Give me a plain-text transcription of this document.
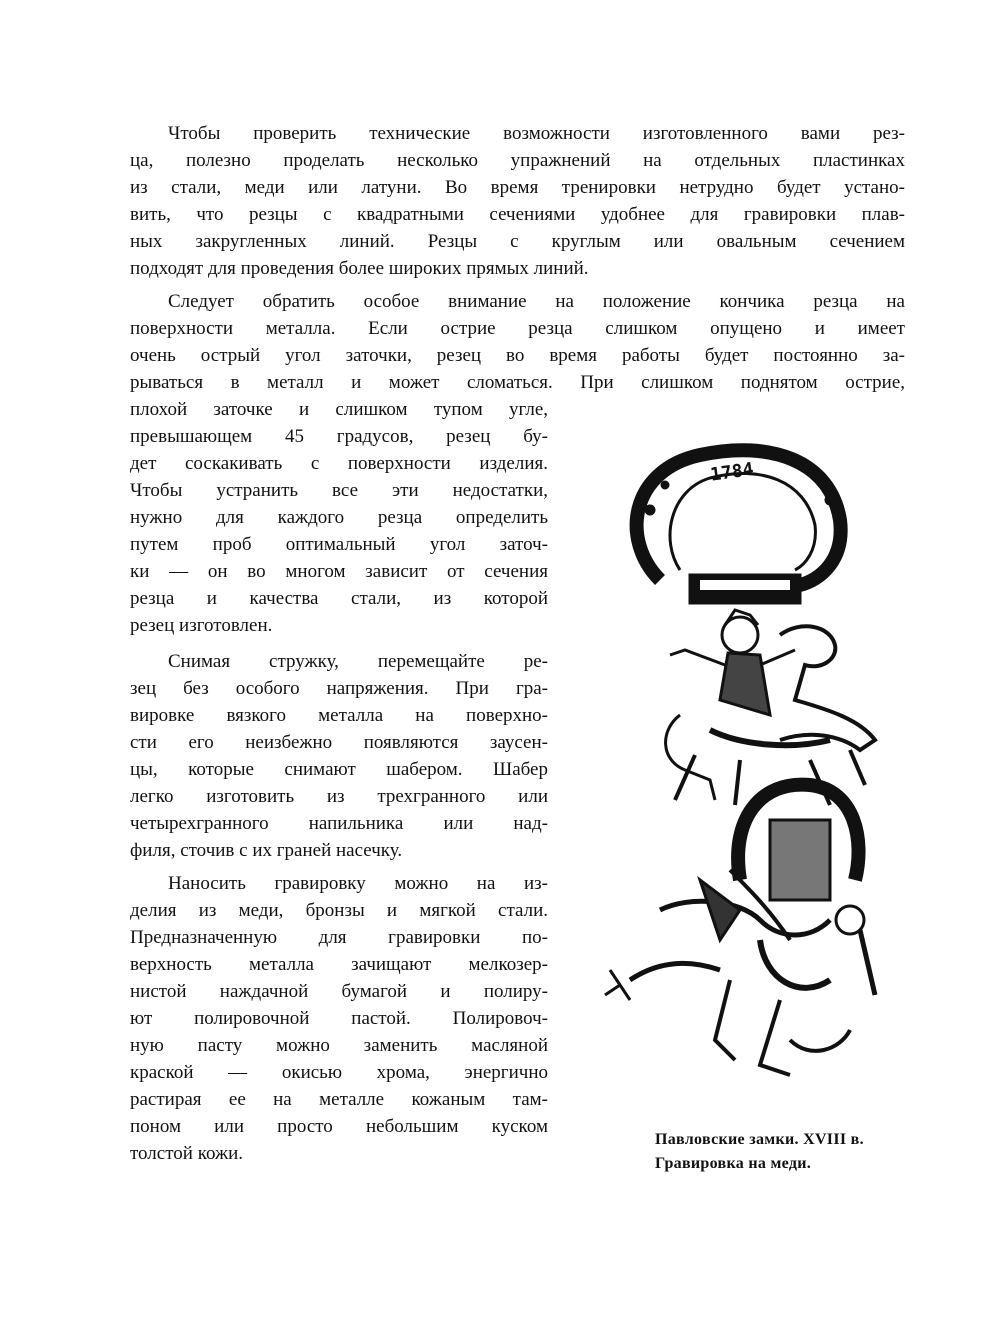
Чтобы проверить технические возможности изготовленного вами рез-
ца, полезно проделать несколько упражнений на отдельных пластинках
из стали, меди или латуни. Во время тренировки нетрудно будет устано-
вить, что резцы с квадратными сечениями удобнее для гравировки плав-
ных закругленных линий. Резцы с круглым или овальным сечением
подходят для проведения более широких прямых линий.
Следует обратить особое внимание на положение кончика резца на
поверхности металла. Если острие резца слишком опущено и имеет
очень острый угол заточки, резец во время работы будет постоянно за-
рываться в металл и может сломаться. При слишком поднятом острие,
плохой заточке и слишком тупом угле,
превышающем 45 градусов, резец бу-
дет соскакивать с поверхности изделия.
Чтобы устранить все эти недостатки,
нужно для каждого резца определить
путем проб оптимальный угол заточ-
ки — он во многом зависит от сечения
резца и качества стали, из которой
резец изготовлен.
Снимая стружку, перемещайте ре-
зец без особого напряжения. При гра-
вировке вязкого металла на поверхно-
сти его неизбежно появляются заусен-
цы, которые снимают шабером. Шабер
легко изготовить из трехгранного или
четырехгранного напильника или над-
филя, сточив с их граней насечку.
Наносить гравировку можно на из-
делия из меди, бронзы и мягкой стали.
Предназначенную для гравировки по-
верхность металла зачищают мелкозер-
нистой наждачной бумагой и полиру-
ют полировочной пастой. Полировоч-
ную пасту можно заменить масляной
краской — окисью хрома, энергично
растирая ее на металле кожаным там-
поном или просто небольшим куском
толстой кожи.
1784
Павловские замки. XVIII в.
Гравировка на меди.
